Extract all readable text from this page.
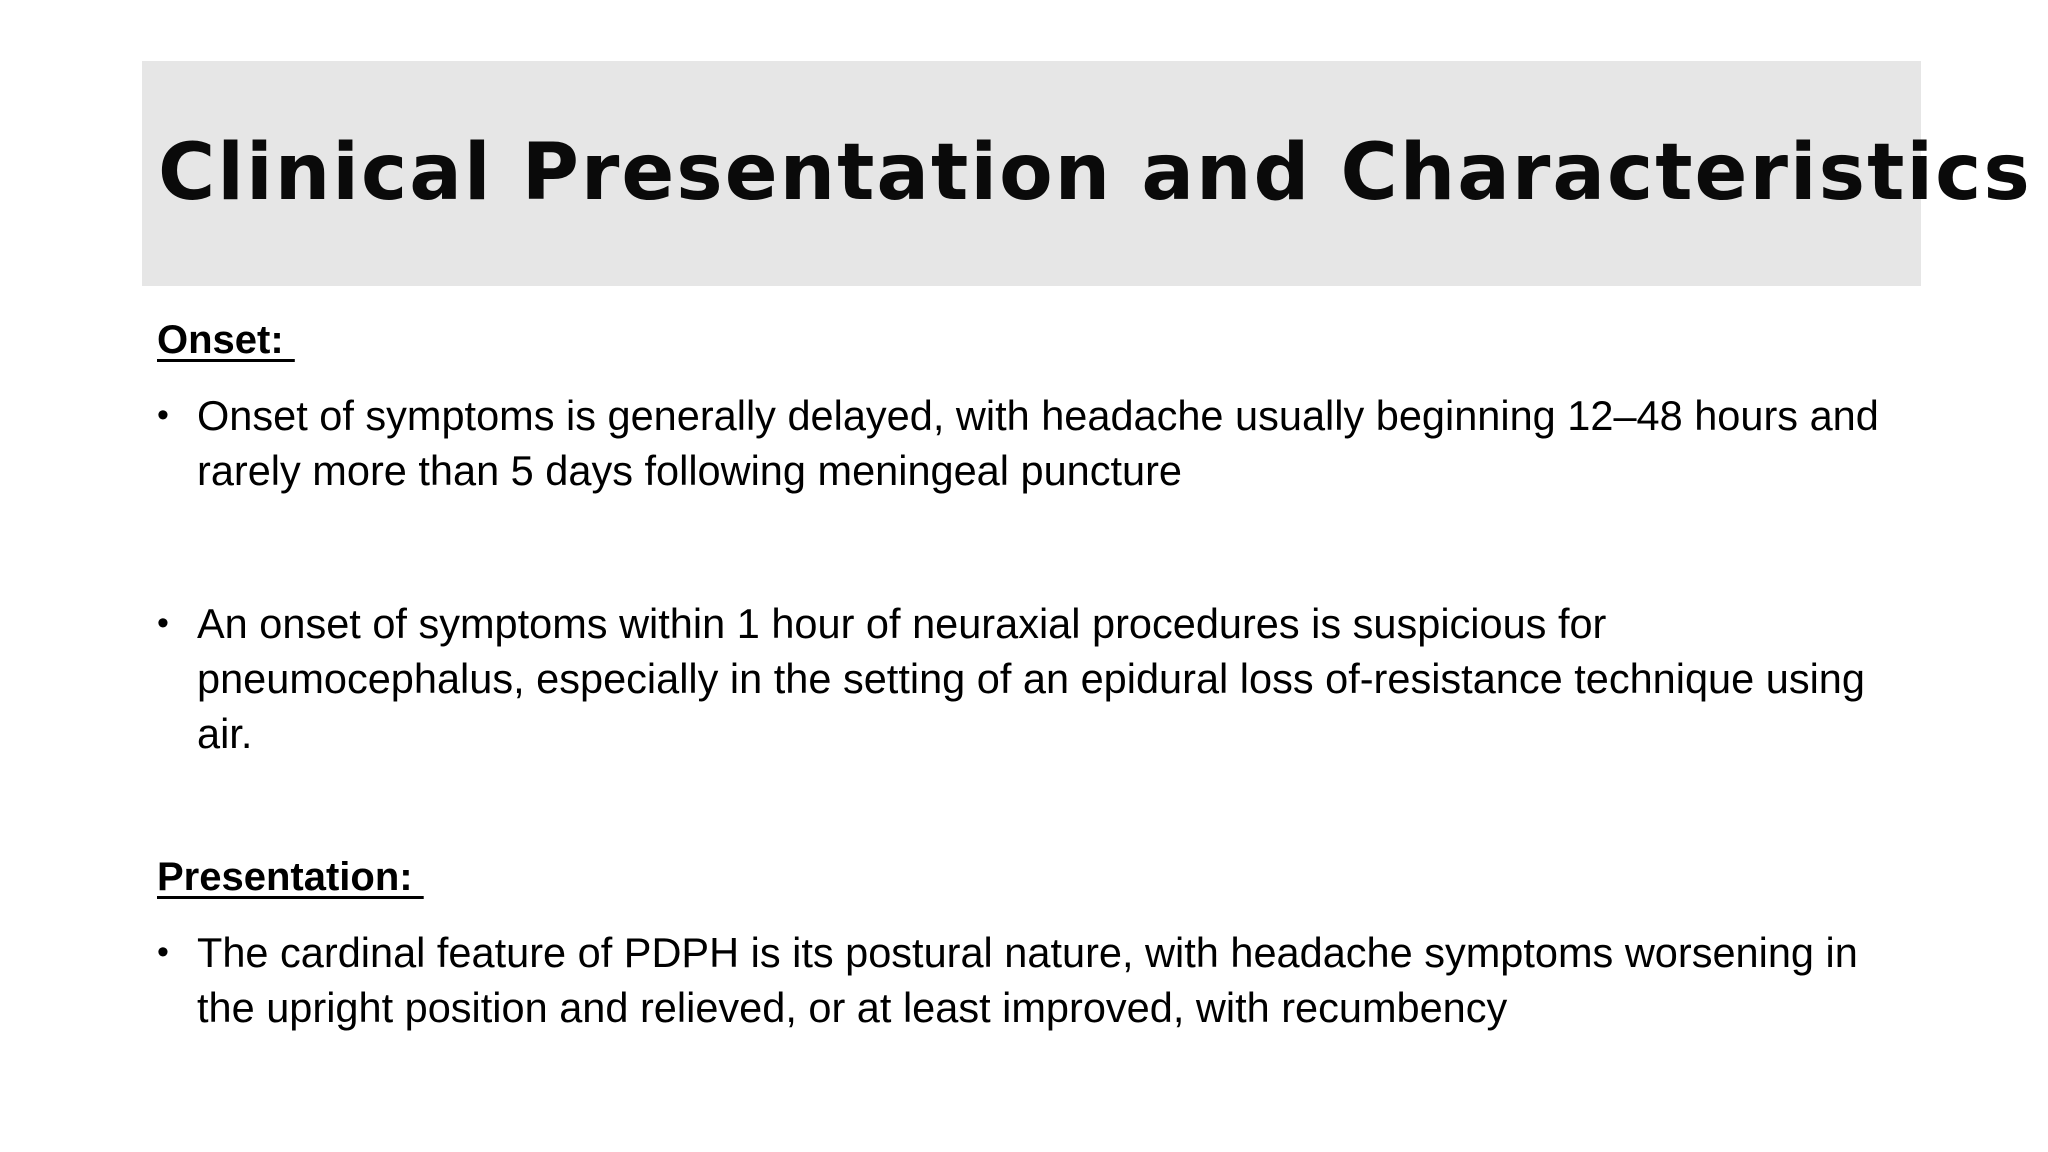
Clinical Presentation and Characteristics

Onset:

• Onset of symptoms is generally delayed, with headache usually beginning 12–48 hours and rarely more than 5 days following meningeal puncture
• An onset of symptoms within 1 hour of neuraxial procedures is suspicious for pneumocephalus, especially in the setting of an epidural loss of-resistance technique using air.

Presentation:

• The cardinal feature of PDPH is its postural nature, with headache symptoms worsening in the upright position and relieved, or at least improved, with recumbency
